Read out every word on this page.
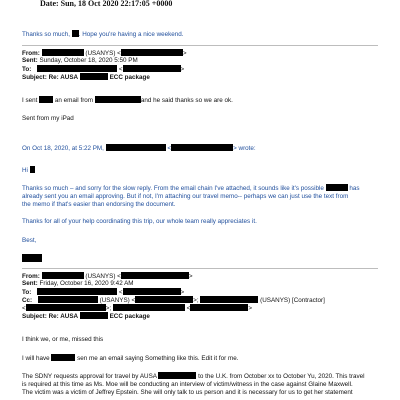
Date: Sun, 18 Oct 2020 22:17:05 +0000
Thanks so much, . Hope you're having a nice weekend.
From:	(USANYS) <	>
Sent: Sunday, October 18, 2020 5:50 PM
To:	<	>
Subject: Re: AUSA	ECC package
I sent	an email from	and he said thanks so we are ok.
Sent from my iPad
On Oct 18, 2020, at 5:22 PM,	<	> wrote:
Hi

Thanks so much – and sorry for the slow reply. From the email chain I've attached, it sounds like it's possible	has

already sent you an email approving. But if not, I'm attaching our travel memo-- perhaps we can just use the text from

the memo if that's easier than endorsing the document.

Thanks for all of your help coordinating this trip, our whole team really appreciates it.
Best,
From:	(USANYS) <	>
Sent: Friday, October 16, 2020 9:42 AM
To:	<	>
Cc:	(USANYS) <	>;	(USANYS) [Contractor]
<	>;	<	>
Subject: Re: AUSA	ECC package
I think we, or me, missed this
I will have	sen me an email saying Something like this. Edit it for me.

The SDNY requests approval for travel by AUSA	to the U.K. from October xx to October Yu, 2020. This travel

is required at this time as Ms. Moe will be conducting an interview of victim/witness in the case against Glaine Maxwell.

The victim was a victim of Jeffrey Epstein. She will only talk to us person and it is necessary for us to get her statement
